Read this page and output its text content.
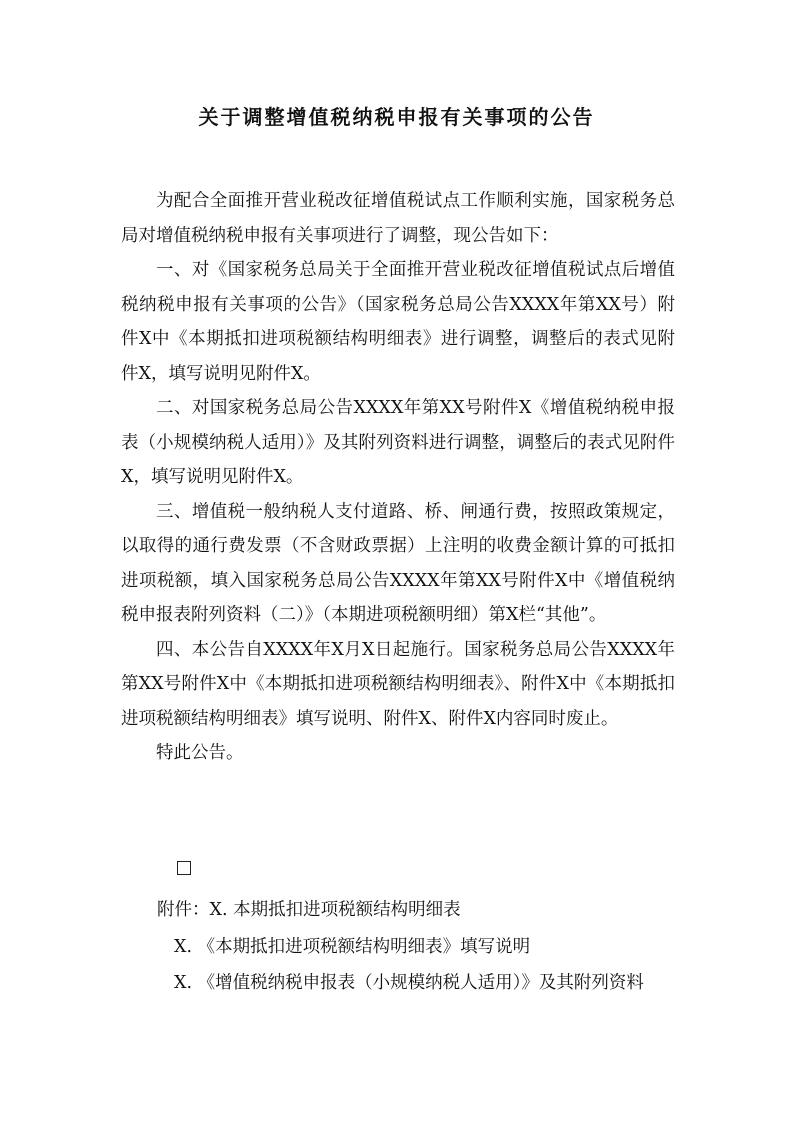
关于调整增值税纳税申报有关事项的公告

为配合全面推开营业税改征增值税试点工作顺利实施，国家税务总局对增值税纳税申报有关事项进行了调整，现公告如下：

一、对《国家税务总局关于全面推开营业税改征增值税试点后增值税纳税申报有关事项的公告》（国家税务总局公告XXXX年第XX号）附件X中《本期抵扣进项税额结构明细表》进行调整，调整后的表式见附件X，填写说明见附件X。

二、对国家税务总局公告XXXX年第XX号附件X《增值税纳税申报表（小规模纳税人适用）》及其附列资料进行调整，调整后的表式见附件X，填写说明见附件X。

三、增值税一般纳税人支付道路、桥、闸通行费，按照政策规定，以取得的通行费发票（不含财政票据）上注明的收费金额计算的可抵扣进项税额，填入国家税务总局公告XXXX年第XX号附件X中《增值税纳税申报表附列资料（二）》（本期进项税额明细）第X栏“其他”。

四、本公告自XXXX年X月X日起施行。国家税务总局公告XXXX年第XX号附件X中《本期抵扣进项税额结构明细表》、附件X中《本期抵扣进项税额结构明细表》填写说明、附件X、附件X内容同时废止。

特此公告。

附件：X. 本期抵扣进项税额结构明细表
X. 《本期抵扣进项税额结构明细表》填写说明
X. 《增值税纳税申报表（小规模纳税人适用）》及其附列资料
